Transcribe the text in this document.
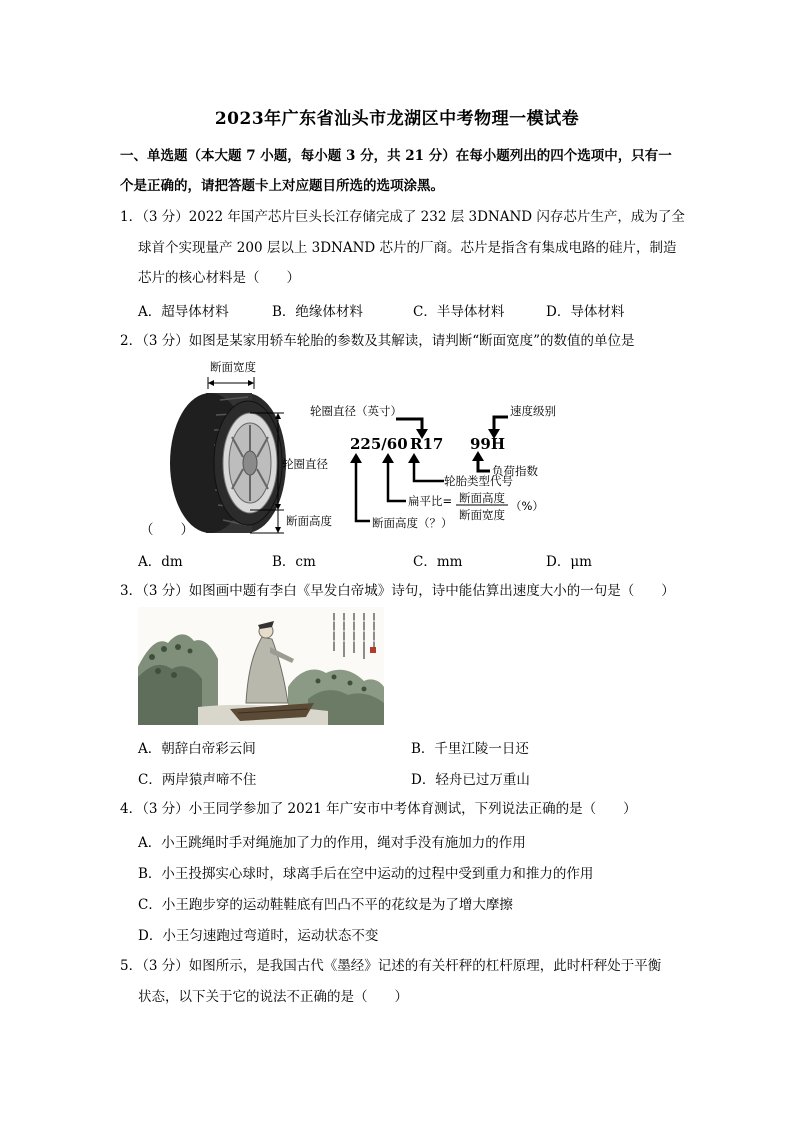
2023年广东省汕头市龙湖区中考物理一模试卷
一、单选题（本大题 7 小题，每小题 3 分，共 21 分）在每小题列出的四个选项中，只有一
个是正确的，请把答题卡上对应题目所选的选项涂黑。
1．（3 分）2022 年国产芯片巨头长江存储完成了 232 层 3DNAND 闪存芯片生产，成为了全
球首个实现量产 200 层以上 3DNAND 芯片的厂商。芯片是指含有集成电路的硅片，制造
芯片的核心材料是（　　）
A．超导体材料	B．绝缘体材料	C．半导体材料	D．导体材料
2．（3 分）如图是某家用轿车轮胎的参数及其解读，请判断“断面宽度”的数值的单位是
断面宽度
轮圈直径
断面高度
轮圈直径（英寸）	速度级别
225/60 R17 99H
负荷指数
轮胎类型代号
扁平比= 断面高度
断面宽度
（%）
断面高度（？）
（　　）
A．dm	B．cm	C．mm	D．μm
3．（3 分）如图画中题有李白《早发白帝城》诗句，诗中能估算出速度大小的一句是（　　）
A．朝辞白帝彩云间	B．千里江陵一日还
C．两岸猿声啼不住	D．轻舟已过万重山
4．（3 分）小王同学参加了 2021 年广安市中考体育测试，下列说法正确的是（　　）
A．小王跳绳时手对绳施加了力的作用，绳对手没有施加力的作用
B．小王投掷实心球时，球离手后在空中运动的过程中受到重力和推力的作用
C．小王跑步穿的运动鞋鞋底有凹凸不平的花纹是为了增大摩擦
D．小王匀速跑过弯道时，运动状态不变
5．（3 分）如图所示，是我国古代《墨经》记述的有关杆秤的杠杆原理，此时杆秤处于平衡
状态，以下关于它的说法不正确的是（　　）
